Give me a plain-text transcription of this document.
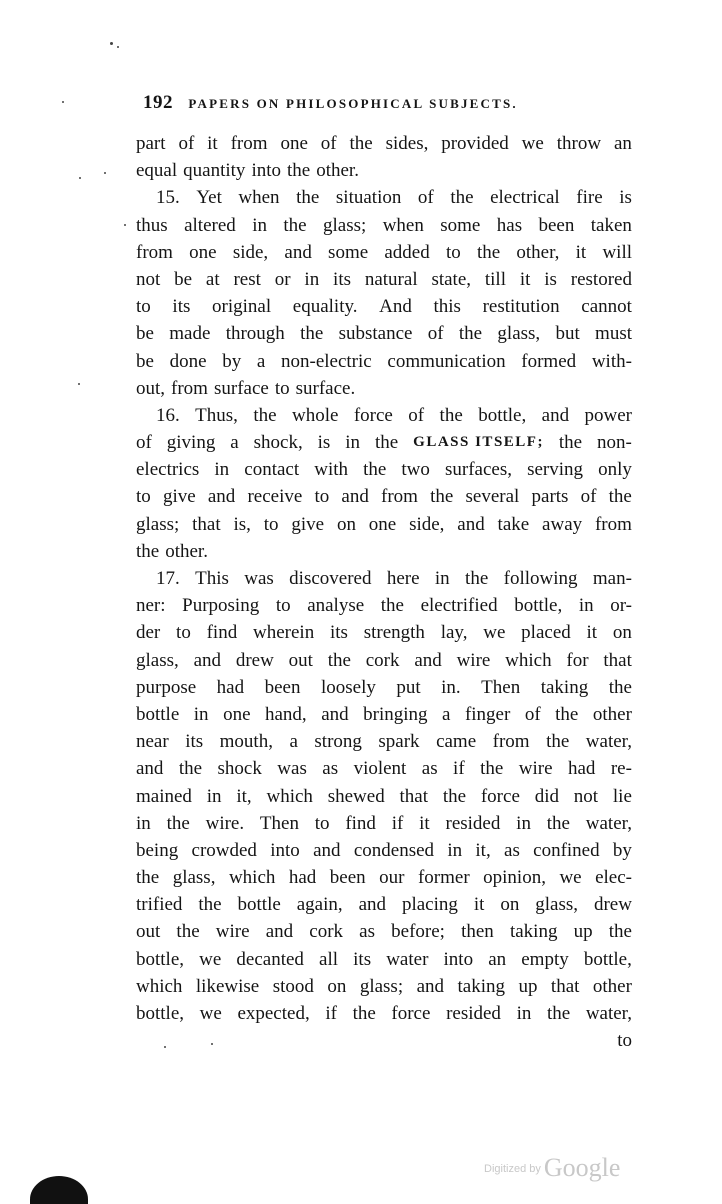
192 PAPERS ON PHILOSOPHICAL SUBJECTS.
part of it from one of the sides, provided we throw an
equal quantity into the other.
15. Yet when the situation of the electrical fire is
thus altered in the glass; when some has been taken
from one side, and some added to the other, it will
not be at rest or in its natural state, till it is restored
to its original equality. And this restitution cannot
be made through the substance of the glass, but must
be done by a non-electric communication formed with-
out, from surface to surface.
16. Thus, the whole force of the bottle, and power
of giving a shock, is in the GLASS ITSELF; the non-
electrics in contact with the two surfaces, serving only
to give and receive to and from the several parts of the
glass; that is, to give on one side, and take away from
the other.
17. This was discovered here in the following man-
ner: Purposing to analyse the electrified bottle, in or-
der to find wherein its strength lay, we placed it on
glass, and drew out the cork and wire which for that
purpose had been loosely put in. Then taking the
bottle in one hand, and bringing a finger of the other
near its mouth, a strong spark came from the water,
and the shock was as violent as if the wire had re-
mained in it, which shewed that the force did not lie
in the wire. Then to find if it resided in the water,
being crowded into and condensed in it, as confined by
the glass, which had been our former opinion, we elec-
trified the bottle again, and placing it on glass, drew
out the wire and cork as before; then taking up the
bottle, we decanted all its water into an empty bottle,
which likewise stood on glass; and taking up that other
bottle, we expected, if the force resided in the water,
to
$^{Digitized by}$ Google
